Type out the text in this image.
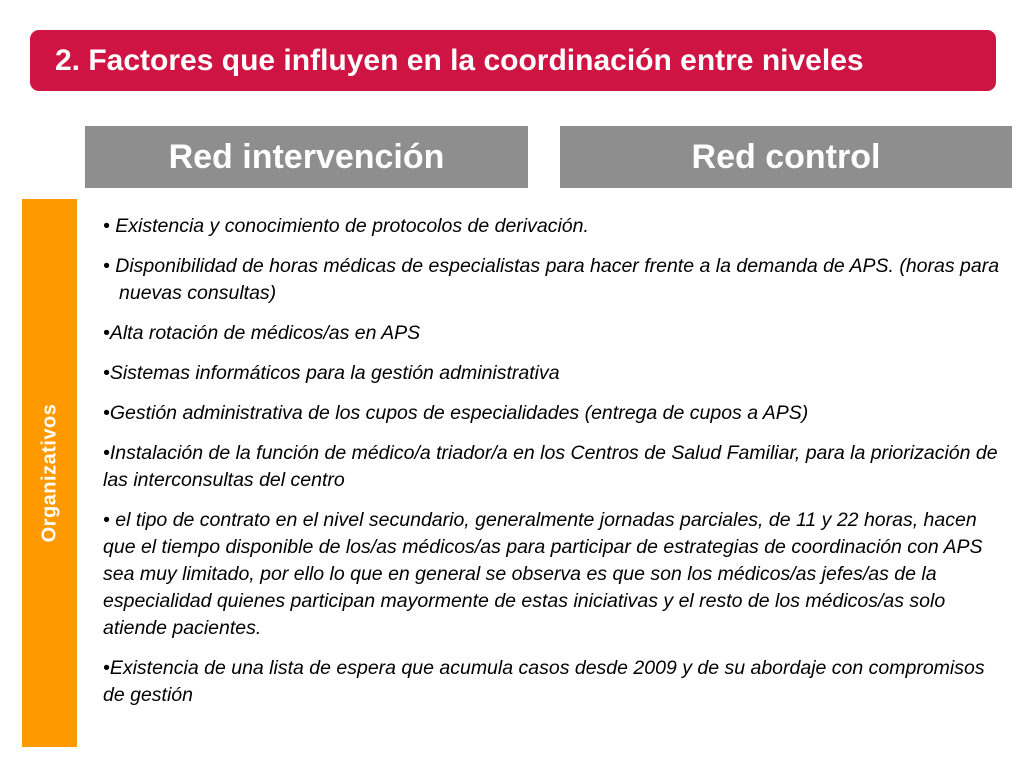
2. Factores que influyen en la coordinación entre niveles
Red intervención	Red control
Organizativos
• Existencia y conocimiento de protocolos de derivación.
• Disponibilidad de horas médicas de especialistas para hacer frente a la demanda de APS. (horas para nuevas consultas)
•Alta rotación de médicos/as en APS
•Sistemas informáticos para la gestión administrativa
•Gestión administrativa de los cupos de especialidades (entrega de cupos a APS)
•Instalación de la función de médico/a triador/a en los Centros de Salud Familiar, para la priorización de las interconsultas del centro
• el tipo de contrato en el nivel secundario, generalmente jornadas parciales, de 11 y 22 horas, hacen que el tiempo disponible de los/as médicos/as para participar de estrategias de coordinación con APS sea muy limitado, por ello lo que en general se observa es que son los médicos/as jefes/as de la especialidad quienes participan mayormente de estas iniciativas y el resto de los médicos/as solo atiende pacientes.
•Existencia de una lista de espera que acumula casos desde 2009 y de su abordaje con compromisos de gestión
